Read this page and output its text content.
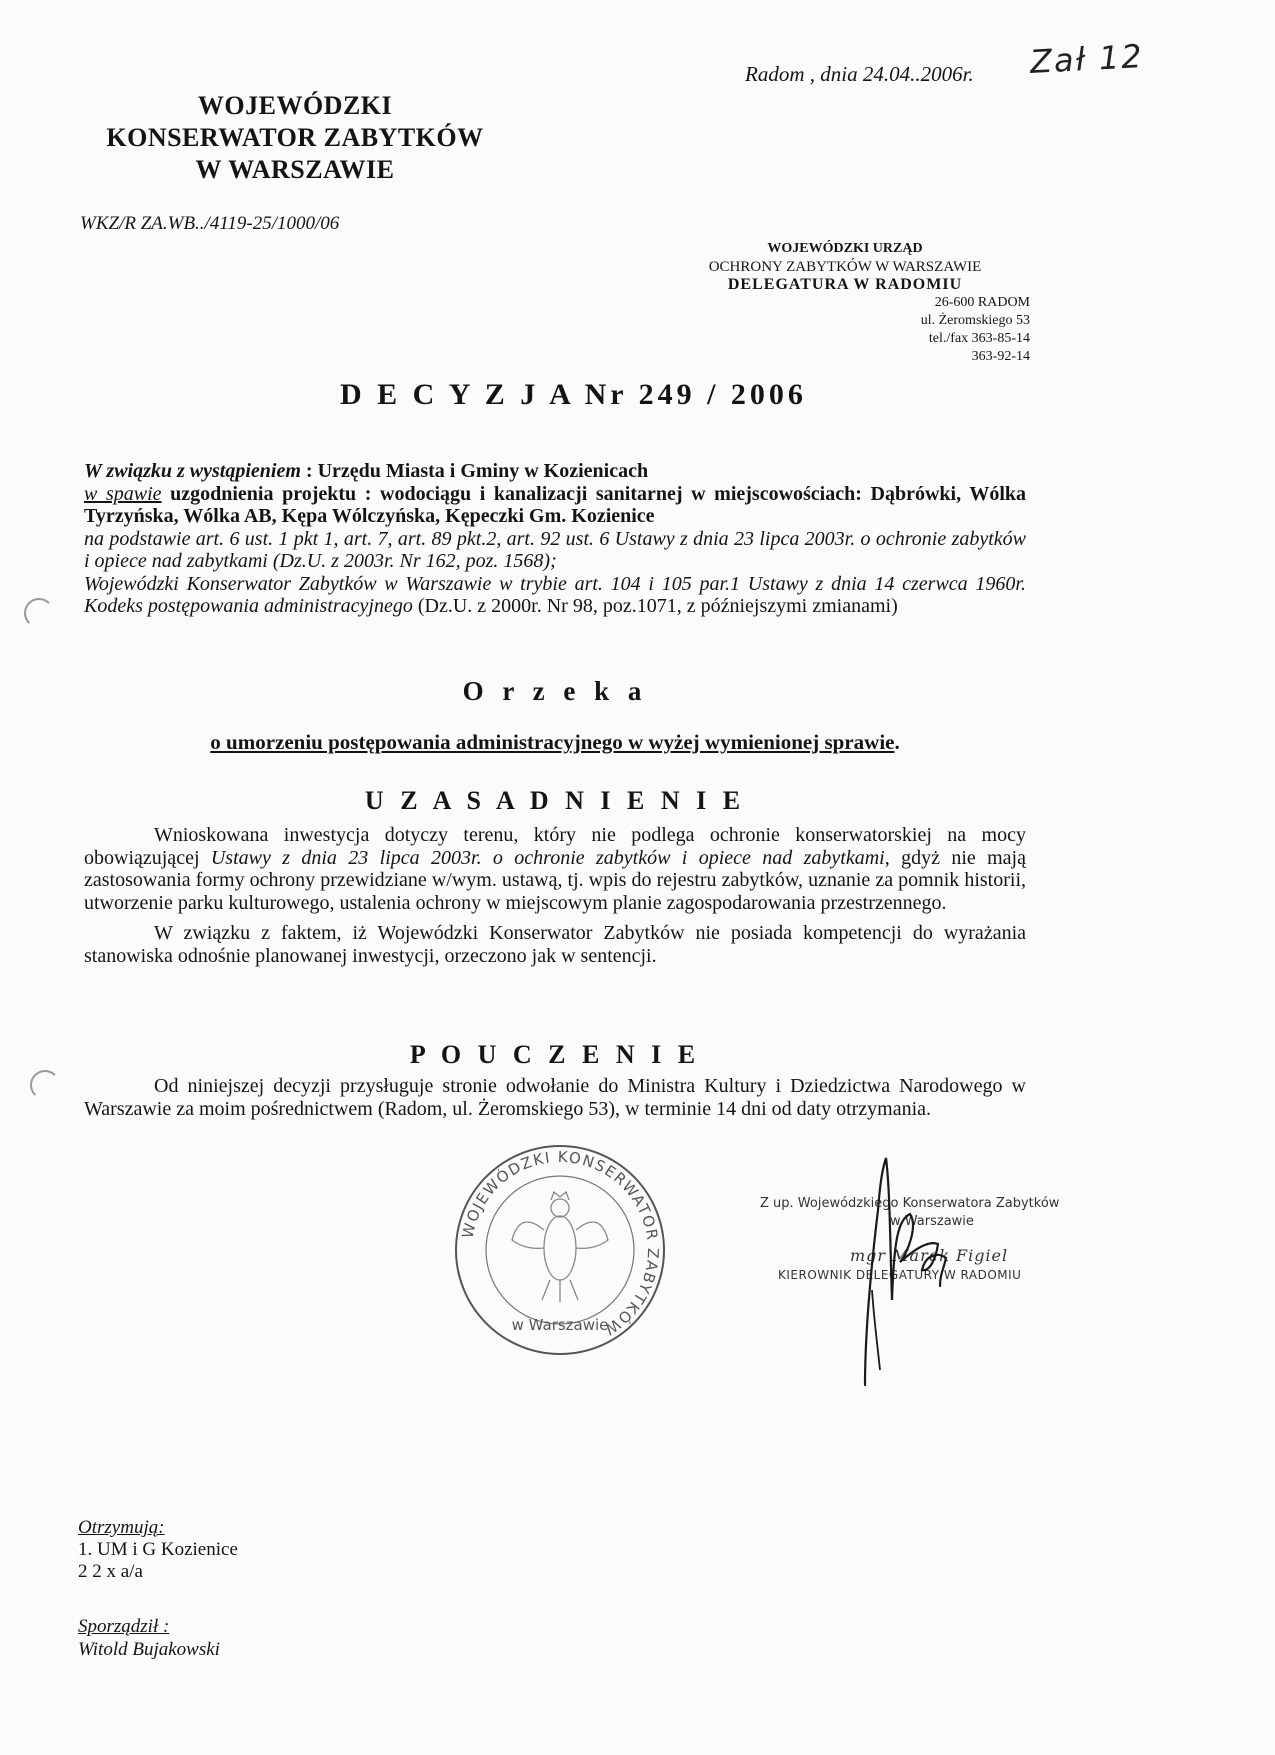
Radom , dnia 24.04..2006r. Zał 12
WOJEWÓDZKI
KONSERWATOR ZABYTKÓW
W WARSZAWIE
WKZ/R ZA.WB../4119-25/1000/06
WOJEWÓDZKI URZĄD
OCHRONY ZABYTKÓW W WARSZAWIE
DELEGATURA W RADOMIU
26-600 RADOM
ul. Żeromskiego 53
tel./fax 363-85-14
363-92-14
D E C Y Z J A Nr 249 / 2006
W związku z wystąpieniem : Urzędu Miasta i Gminy w Kozienicach
w spawie uzgodnienia projektu : wodociągu i kanalizacji sanitarnej w miejscowościach: Dąbrówki, Wólka Tyrzyńska, Wólka AB, Kępa Wólczyńska, Kępeczki Gm. Kozienice
na podstawie art. 6 ust. 1 pkt 1, art. 7, art. 89 pkt.2, art. 92 ust. 6 Ustawy z dnia 23 lipca 2003r. o ochronie zabytków i opiece nad zabytkami (Dz.U. z 2003r. Nr 162, poz. 1568);
Wojewódzki Konserwator Zabytków w Warszawie w trybie art. 104 i 105 par.1 Ustawy z dnia 14 czerwca 1960r. Kodeks postępowania administracyjnego (Dz.U. z 2000r. Nr 98, poz.1071, z późniejszymi zmianami)
O r z e k a
o umorzeniu postępowania administracyjnego w wyżej wymienionej sprawie.
U Z A S A D N I E N I E

Wnioskowana inwestycja dotyczy terenu, który nie podlega ochronie konserwatorskiej na mocy obowiązującej Ustawy z dnia 23 lipca 2003r. o ochronie zabytków i opiece nad zabytkami, gdyż nie mają zastosowania formy ochrony przewidziane w/wym. ustawą, tj. wpis do rejestru zabytków, uznanie za pomnik historii, utworzenie parku kulturowego, ustalenia ochrony w miejscowym planie zagospodarowania przestrzennego.

W związku z faktem, iż Wojewódzki Konserwator Zabytków nie posiada kompetencji do wyrażania stanowiska odnośnie planowanej inwestycji, orzeczono jak w sentencji.

P O U C Z E N I E

Od niniejszej decyzji przysługuje stronie odwołanie do Ministra Kultury i Dziedzictwa Narodowego w Warszawie za moim pośrednictwem (Radom, ul. Żeromskiego 53), w terminie 14 dni od daty otrzymania.

WOJEWÓDZKI KONSERWATOR ZABYTKÓW
w Warszawie
Z up. Wojewódzkiego Konserwatora Zabytków
w Warszawie
mgr Marek Figiel
KIEROWNIK DELEGATURY W RADOMIU
Otrzymują:
1. UM i G Kozienice
2 2 x a/a
Sporządził :
Witold Bujakowski
